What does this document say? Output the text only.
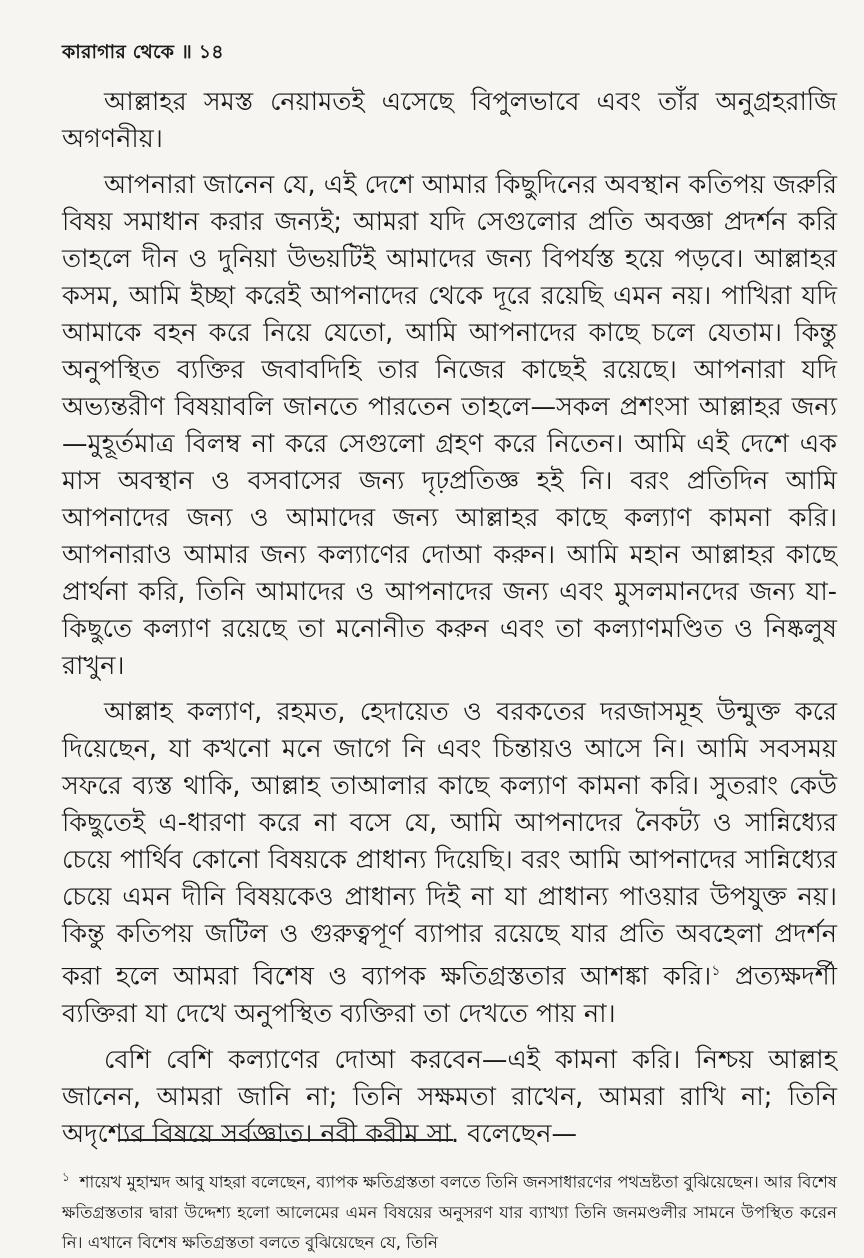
কারাগার থেকে ॥ ১৪

আল্লাহর সমস্ত নেয়ামতই এসেছে বিপুলভাবে এবং তাঁর অনুগ্রহরাজি অগণনীয়।

আপনারা জানেন যে, এই দেশে আমার কিছুদিনের অবস্থান কতিপয় জরুরি বিষয় সমাধান করার জন্যই; আমরা যদি সেগুলোর প্রতি অবজ্ঞা প্রদর্শন করি তাহলে দীন ও দুনিয়া উভয়টিই আমাদের জন্য বিপর্যস্ত হয়ে পড়বে। আল্লাহর কসম, আমি ইচ্ছা করেই আপনাদের থেকে দূরে রয়েছি এমন নয়। পাখিরা যদি আমাকে বহন করে নিয়ে যেতো, আমি আপনাদের কাছে চলে যেতাম। কিন্তু অনুপস্থিত ব্যক্তির জবাবদিহি তার নিজের কাছেই রয়েছে। আপনারা যদি অভ্যন্তরীণ বিষয়াবলি জানতে পারতেন তাহলে—সকল প্রশংসা আল্লাহর জন্য—মুহূর্তমাত্র বিলম্ব না করে সেগুলো গ্রহণ করে নিতেন। আমি এই দেশে এক মাস অবস্থান ও বসবাসের জন্য দৃঢ়প্রতিজ্ঞ হই নি। বরং প্রতিদিন আমি আপনাদের জন্য ও আমাদের জন্য আল্লাহর কাছে কল্যাণ কামনা করি। আপনারাও আমার জন্য কল্যাণের দোআ করুন। আমি মহান আল্লাহর কাছে প্রার্থনা করি, তিনি আমাদের ও আপনাদের জন্য এবং মুসলমানদের জন্য যা-কিছুতে কল্যাণ রয়েছে তা মনোনীত করুন এবং তা কল্যাণমণ্ডিত ও নিষ্কলুষ রাখুন।

আল্লাহ কল্যাণ, রহমত, হেদায়েত ও বরকতের দরজাসমূহ উন্মুক্ত করে দিয়েছেন, যা কখনো মনে জাগে নি এবং চিন্তায়ও আসে নি। আমি সবসময় সফরে ব্যস্ত থাকি, আল্লাহ তাআলার কাছে কল্যাণ কামনা করি। সুতরাং কেউ কিছুতেই এ-ধারণা করে না বসে যে, আমি আপনাদের নৈকট্য ও সান্নিধ্যের চেয়ে পার্থিব কোনো বিষয়কে প্রাধান্য দিয়েছি। বরং আমি আপনাদের সান্নিধ্যের চেয়ে এমন দীনি বিষয়কেও প্রাধান্য দিই না যা প্রাধান্য পাওয়ার উপযুক্ত নয়। কিন্তু কতিপয় জটিল ও গুরুত্বপূর্ণ ব্যাপার রয়েছে যার প্রতি অবহেলা প্রদর্শন করা হলে আমরা বিশেষ ও ব্যাপক ক্ষতিগ্রস্ততার আশঙ্কা করি।$^১$ প্রত্যক্ষদর্শী ব্যক্তিরা যা দেখে অনুপস্থিত ব্যক্তিরা তা দেখতে পায় না।

বেশি বেশি কল্যাণের দোআ করবেন—এই কামনা করি। নিশ্চয় আল্লাহ জানেন, আমরা জানি না; তিনি সক্ষমতা রাখেন, আমরা রাখি না; তিনি অদৃশ্যের বিষয়ে সর্বজ্ঞাত। নবী করীম সা. বলেছেন—

$^১$ শায়েখ মুহাম্মদ আবু যাহরা বলেছেন, ব্যাপক ক্ষতিগ্রস্ততা বলতে তিনি জনসাধারণের পথভ্রষ্টতা বুঝিয়েছেন। আর বিশেষ ক্ষতিগ্রস্ততার দ্বারা উদ্দেশ্য হলো আলেমের এমন বিষয়ের অনুসরণ যার ব্যাখ্যা তিনি জনমণ্ডলীর সামনে উপস্থিত করেন নি। এখানে বিশেষ ক্ষতিগ্রস্ততা বলতে বুঝিয়েছেন যে, তিনি
